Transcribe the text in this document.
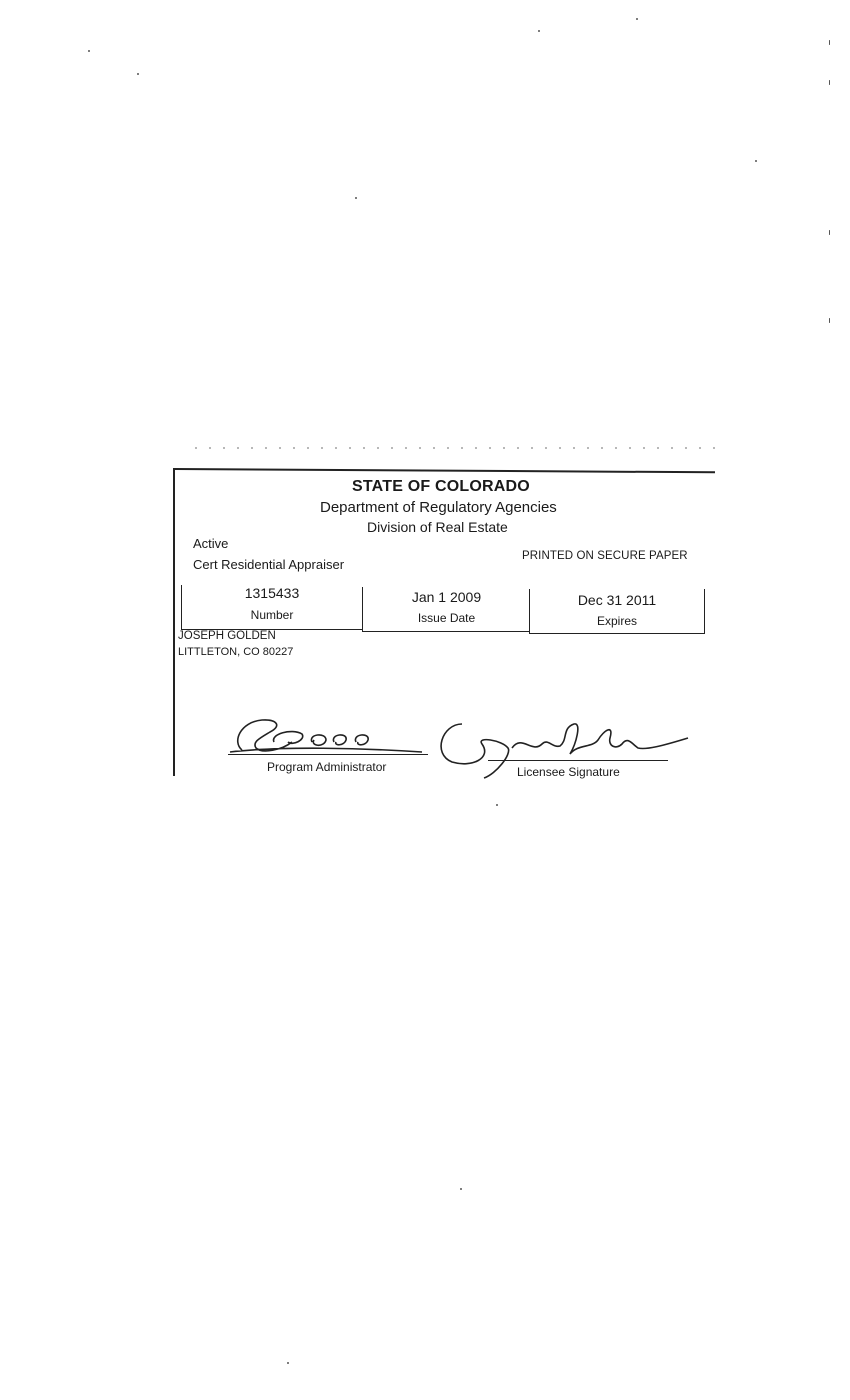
STATE OF COLORADO
Department of Regulatory Agencies
Division of Real Estate
Active
Cert Residential Appraiser
PRINTED ON SECURE PAPER
1315433
Number
Jan 1 2009
Issue Date
Dec 31 2011
Expires
JOSEPH GOLDEN
LITTLETON, CO 80227
Program Administrator	Licensee Signature
